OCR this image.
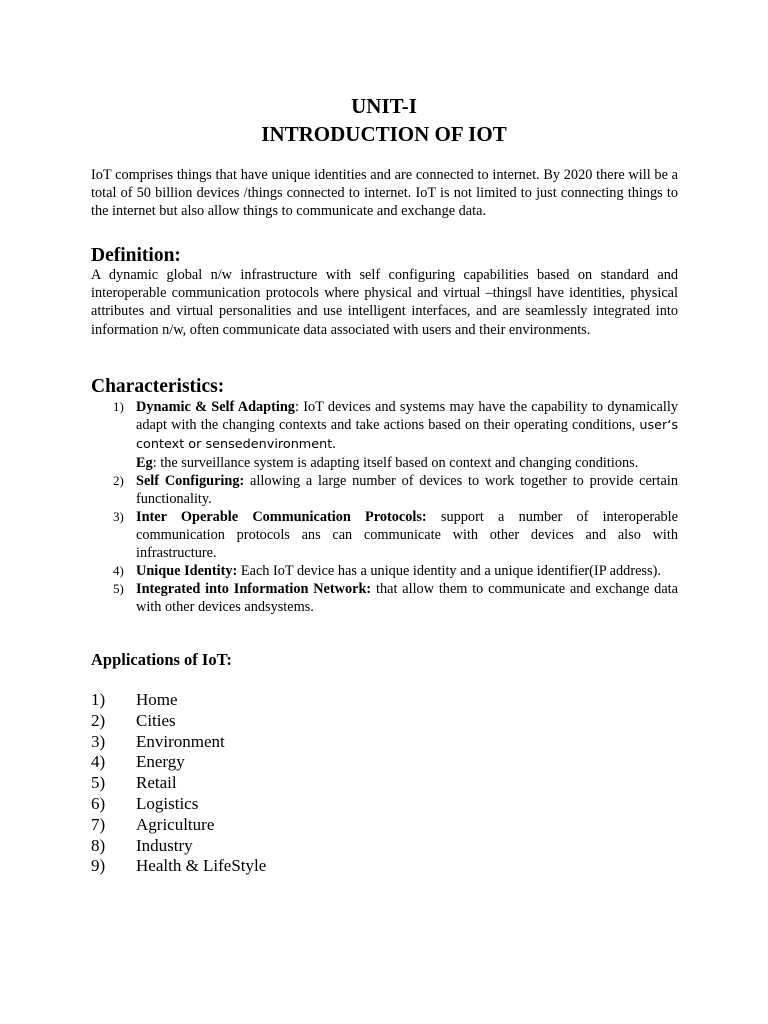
UNIT-I
INTRODUCTION OF IOT

IoT comprises things that have unique identities and are connected to internet. By 2020 there will be a total of 50 billion devices /things connected to internet. IoT is not limited to just connecting things to the internet but also allow things to communicate and exchange data.

Definition:

A dynamic global n/w infrastructure with self configuring capabilities based on standard and interoperable communication protocols where physical and virtual –things‖ have identities, physical attributes and virtual personalities and use intelligent interfaces, and are seamlessly integrated into information n/w, often communicate data associated with users and their environments.

Characteristics:
1) Dynamic & Self Adapting: IoT devices and systems may have the capability to dynamically adapt with the changing contexts and take actions based on their operating conditions, user‘s context or sensedenvironment.
Eg: the surveillance system is adapting itself based on context and changing conditions.
2) Self Configuring: allowing a large number of devices to work together to provide certain functionality.
3) Inter Operable Communication Protocols: support a number of interoperable communication protocols ans can communicate with other devices and also with infrastructure.
4) Unique Identity: Each IoT device has a unique identity and a unique identifier(IP address).
5) Integrated into Information Network: that allow them to communicate and exchange data with other devices andsystems.
Applications of IoT:
1) Home
2) Cities
3) Environment
4) Energy
5) Retail
6) Logistics
7) Agriculture
8) Industry
9) Health & LifeStyle
